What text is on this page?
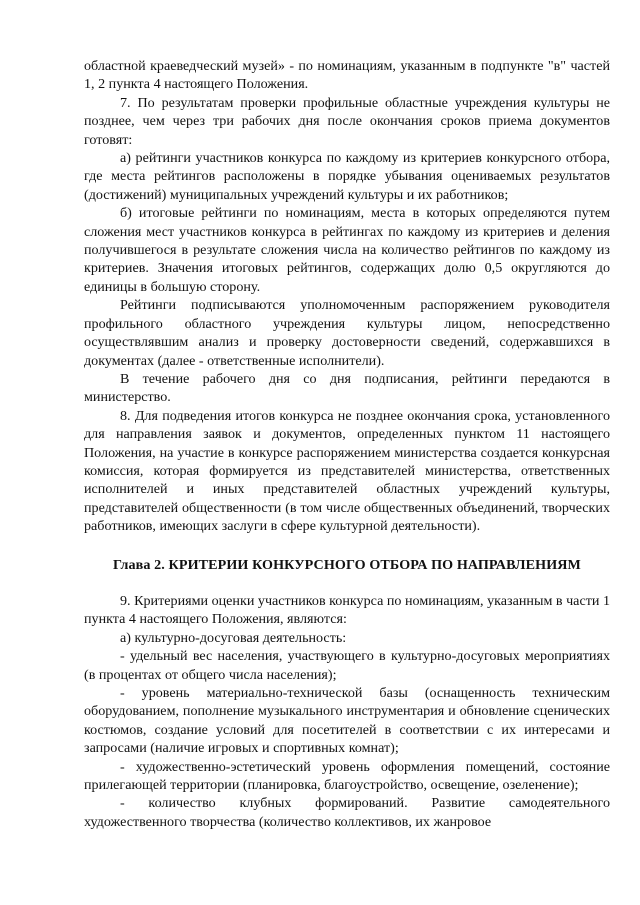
областной краеведческий музей» - по номинациям, указанным в подпункте "в" частей 1, 2 пункта 4 настоящего Положения.

7. По результатам проверки профильные областные учреждения культуры не позднее, чем через три рабочих дня после окончания сроков приема документов готовят:

а) рейтинги участников конкурса по каждому из критериев конкурсного отбора, где места рейтингов расположены в порядке убывания оцениваемых результатов (достижений) муниципальных учреждений культуры и их работников;

б) итоговые рейтинги по номинациям, места в которых определяются путем сложения мест участников конкурса в рейтингах по каждому из критериев и деления получившегося в результате сложения числа на количество рейтингов по каждому из критериев. Значения итоговых рейтингов, содержащих долю 0,5 округляются до единицы в большую сторону.

Рейтинги подписываются уполномоченным распоряжением руководителя профильного областного учреждения культуры лицом, непосредственно осуществлявшим анализ и проверку достоверности сведений, содержавшихся в документах (далее - ответственные исполнители).

В течение рабочего дня со дня подписания, рейтинги передаются в министерство.

8. Для подведения итогов конкурса не позднее окончания срока, установленного для направления заявок и документов, определенных пунктом 11 настоящего Положения, на участие в конкурсе распоряжением министерства создается конкурсная комиссия, которая формируется из представителей министерства, ответственных исполнителей и иных представителей областных учреждений культуры, представителей общественности (в том числе общественных объединений, творческих работников, имеющих заслуги в сфере культурной деятельности).

Глава 2. КРИТЕРИИ КОНКУРСНОГО ОТБОРА ПО НАПРАВЛЕНИЯМ

9. Критериями оценки участников конкурса по номинациям, указанным в части 1 пункта 4 настоящего Положения, являются:

а) культурно-досуговая деятельность:

- удельный вес населения, участвующего в культурно-досуговых мероприятиях (в процентах от общего числа населения);

- уровень материально-технической базы (оснащенность техническим оборудованием, пополнение музыкального инструментария и обновление сценических костюмов, создание условий для посетителей в соответствии с их интересами и запросами (наличие игровых и спортивных комнат);

- художественно-эстетический уровень оформления помещений, состояние прилегающей территории (планировка, благоустройство, освещение, озеленение);

- количество клубных формирований. Развитие самодеятельного художественного творчества (количество коллективов, их жанровое
